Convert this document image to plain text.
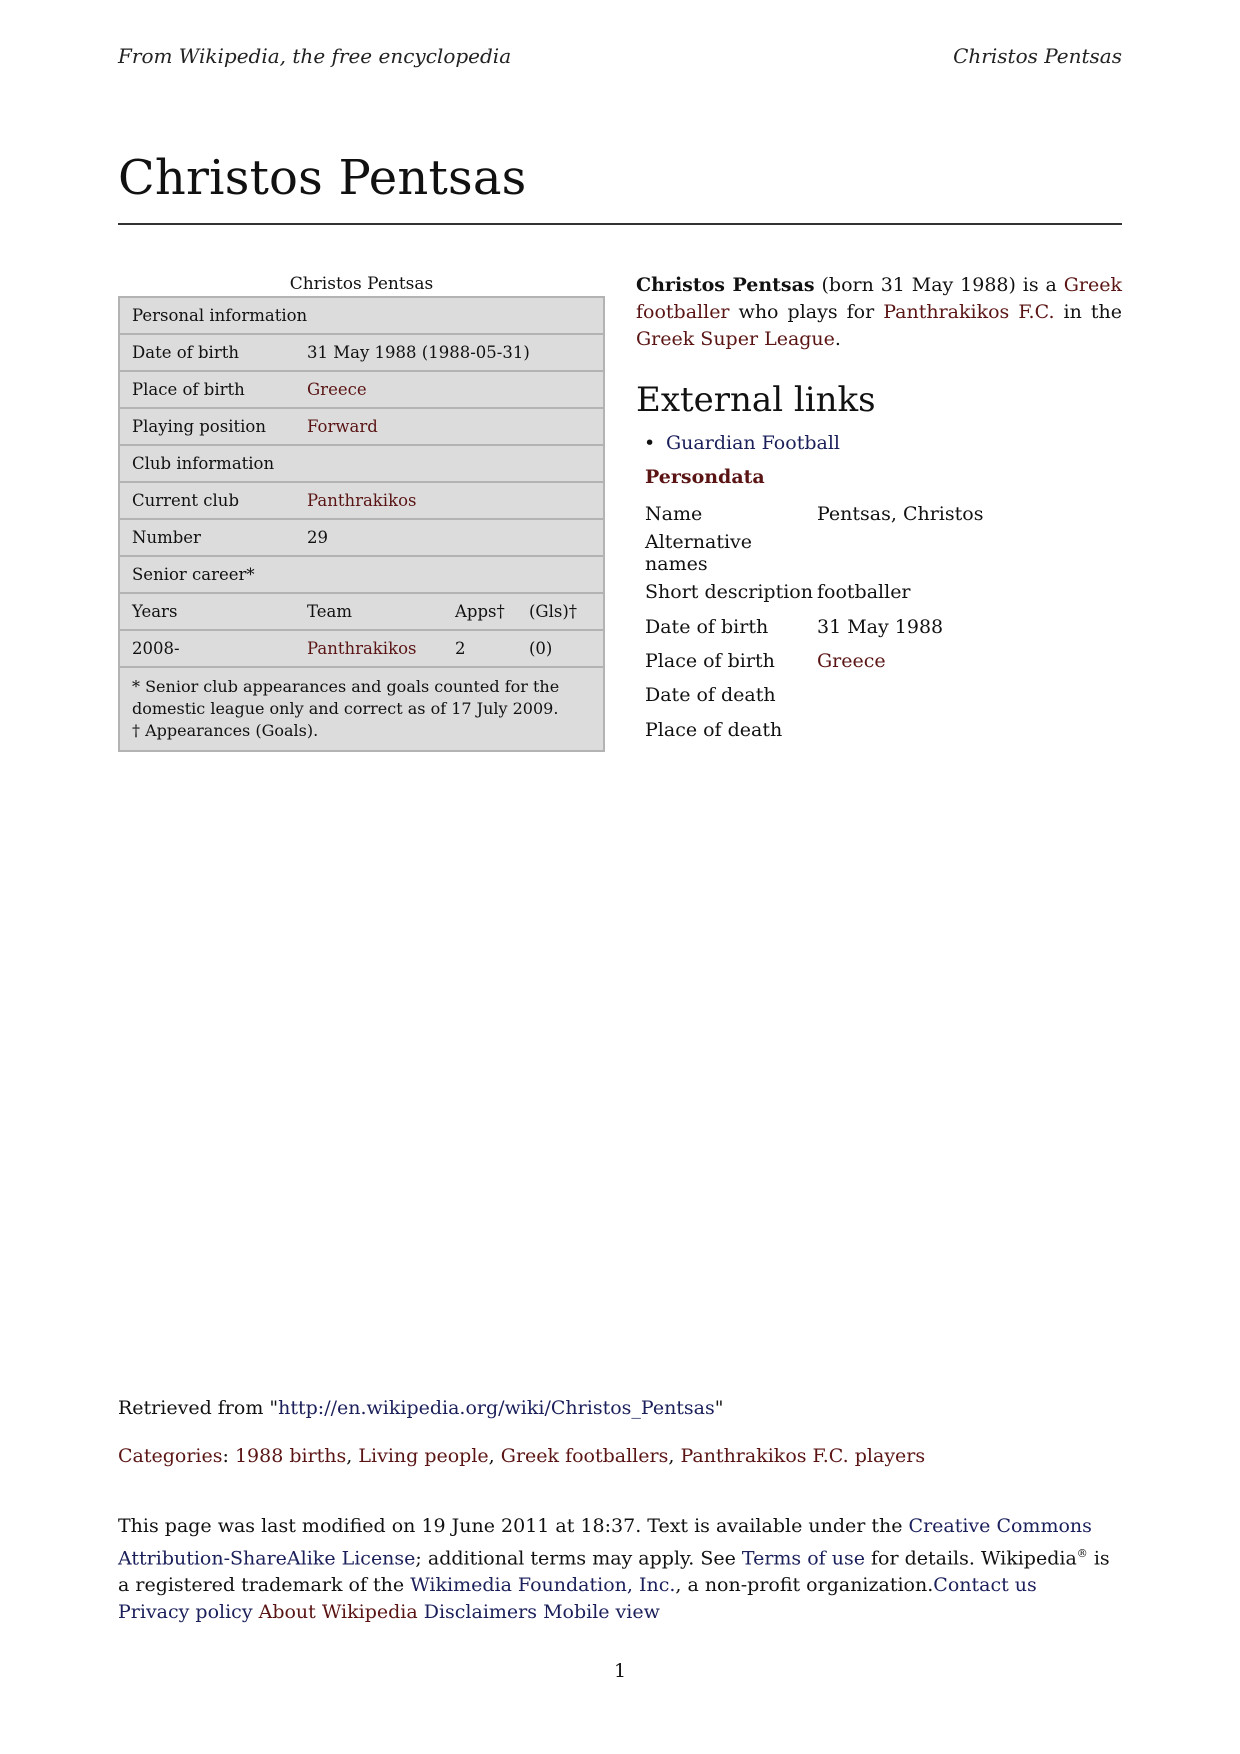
From Wikipedia, the free encyclopedia	Christos Pentsas
Christos Pentsas
Christos Pentsas
Personal information			
Date of birth	31 May 1988 (1988-05-31)		
Place of birth	Greece		
Playing position	Forward		
Club information			
Current club	Panthrakikos		
Number	29		
Senior career*			
Years	Team	Apps†	(Gls)†
2008-	Panthrakikos	2	(0)

* Senior club appearances and goals counted for the domestic league only and correct as of 17 July 2009.
† Appearances (Goals).			

Christos Pentsas (born 31 May 1988) is a Greek footballer who plays for Panthrakikos F.C. in the Greek Super League.

External links
• Guardian Football
Persondata
Name	Pentsas, Christos
Alternative names	
Short description	footballer
Date of birth	31 May 1988
Place of birth	Greece
Date of death	
Place of death	

Retrieved from "http://en.wikipedia.org/wiki/Christos_Pentsas"

Categories: 1988 births, Living people, Greek footballers, Panthrakikos F.C. players

This page was last modified on 19 June 2011 at 18:37. Text is available under the Creative Commons Attribution-ShareAlike License; additional terms may apply. See Terms of use for details. Wikipedia® is a registered trademark of the Wikimedia Foundation, Inc., a non-profit organization.Contact us
Privacy policy About Wikipedia Disclaimers Mobile view

1
